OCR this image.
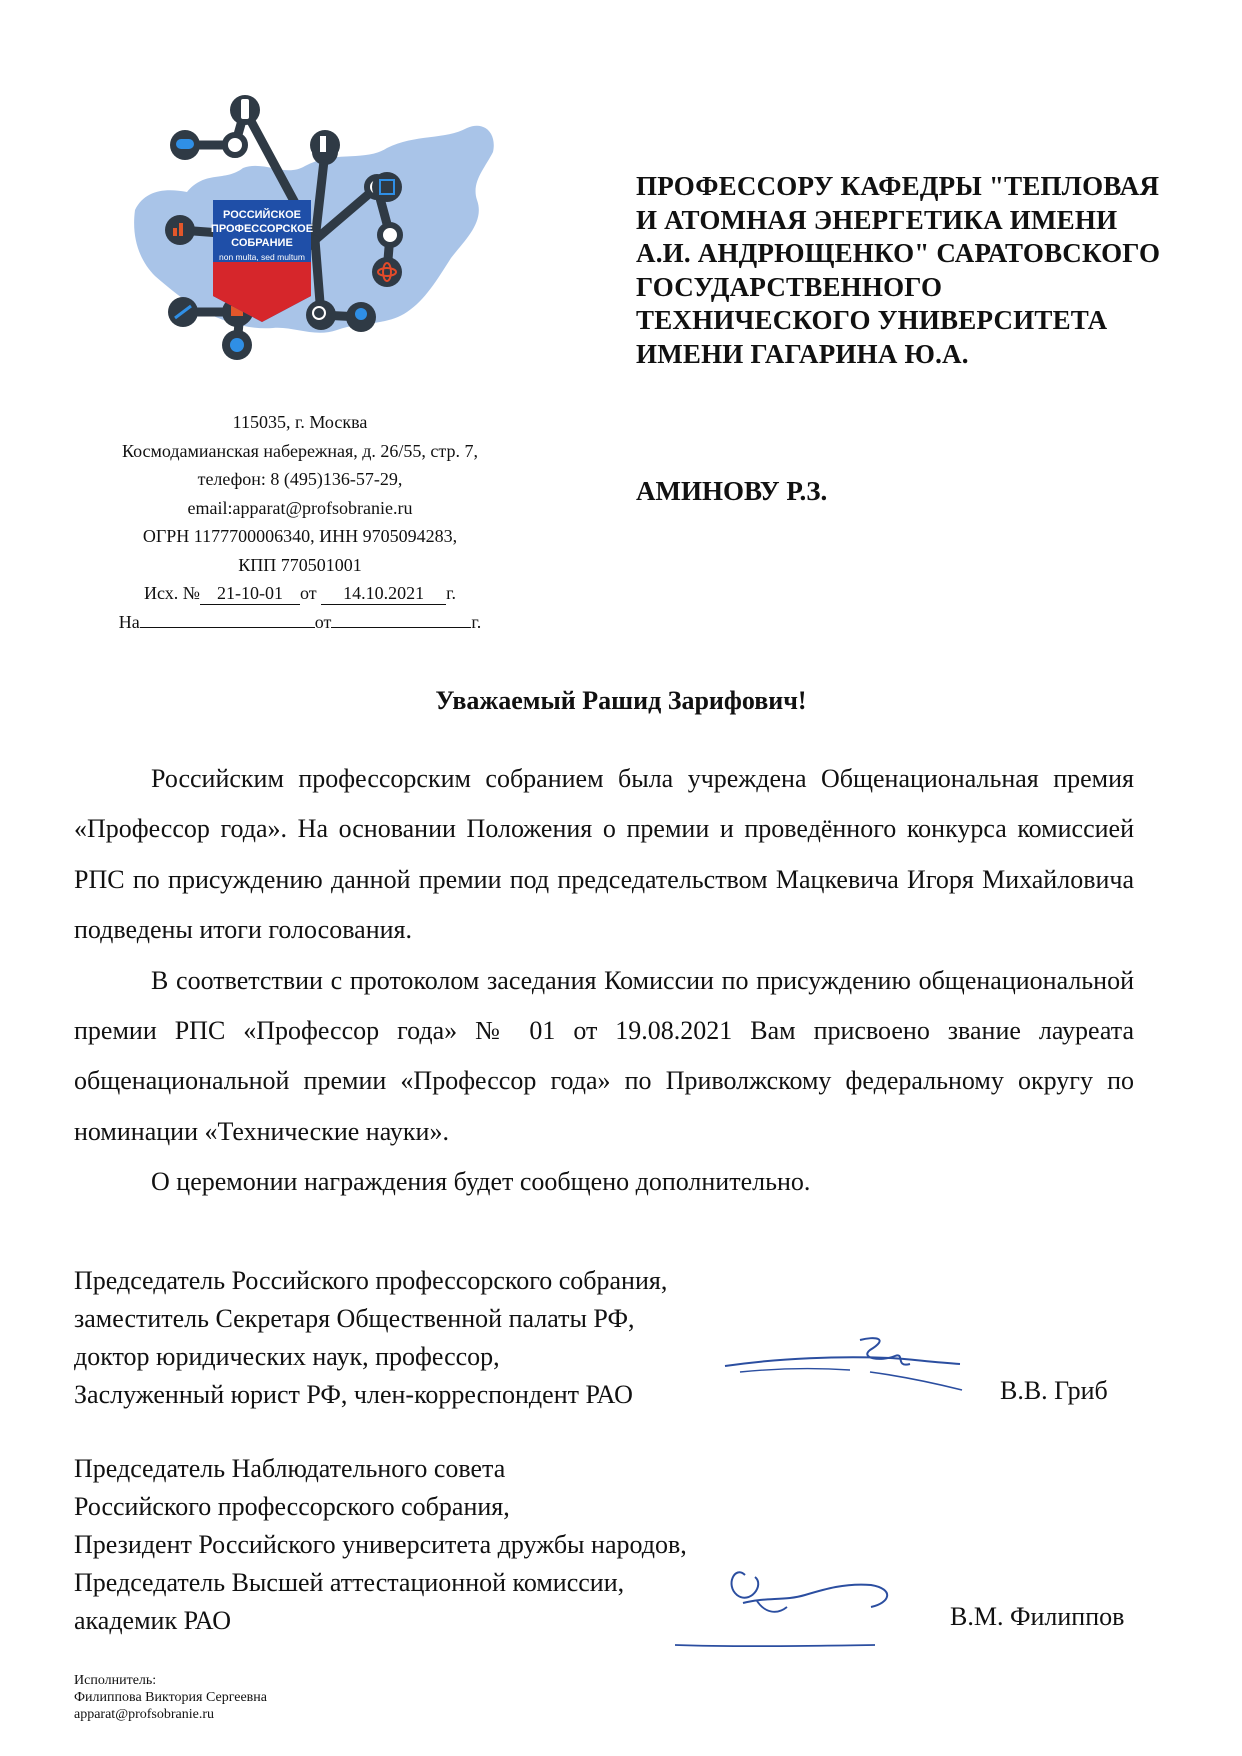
РОССИЙСКОЕ
ПРОФЕССОРСКОЕ
СОБРАНИЕ
non multa, sed multum
115035, г. Москва
Космодамианская набережная, д. 26/55, стр. 7,
телефон: 8 (495)136-57-29,
email:apparat@profsobranie.ru
ОГРН 1177700006340, ИНН 9705094283,
КПП 770501001
Исх. № 21-10-01 от 14.10.2021 г.
На	от	г.
ПРОФЕССОРУ КАФЕДРЫ "ТЕПЛОВАЯ
И АТОМНАЯ ЭНЕРГЕТИКА ИМЕНИ
А.И. АНДРЮЩЕНКО" САРАТОВСКОГО
ГОСУДАРСТВЕННОГО
ТЕХНИЧЕСКОГО УНИВЕРСИТЕТА
ИМЕНИ ГАГАРИНА Ю.А.
АМИНОВУ Р.З.
Уважаемый Рашид Зарифович!

Российским профессорским собранием была учреждена Общенациональная премия «Профессор года». На основании Положения о премии и проведённого конкурса комиссией РПС по присуждению данной премии под председательством Мацкевича Игоря Михайловича подведены итоги голосования.

В соответствии с протоколом заседания Комиссии по присуждению общенациональной премии РПС «Профессор года» № 01 от 19.08.2021 Вам присвоено звание лауреата общенациональной премии «Профессор года» по Приволжскому федеральному округу по номинации «Технические науки».

О церемонии награждения будет сообщено дополнительно.

Председатель Российского профессорского собрания,
заместитель Секретаря Общественной палаты РФ,
доктор юридических наук, профессор,
Заслуженный юрист РФ, член-корреспондент РАО	В.В. Гриб
Председатель Наблюдательного совета
Российского профессорского собрания,
Президент Российского университета дружбы народов,
Председатель Высшей аттестационной комиссии,
академик РАО	В.М. Филиппов
Исполнитель:
Филиппова Виктория Сергеевна
apparat@profsobranie.ru
